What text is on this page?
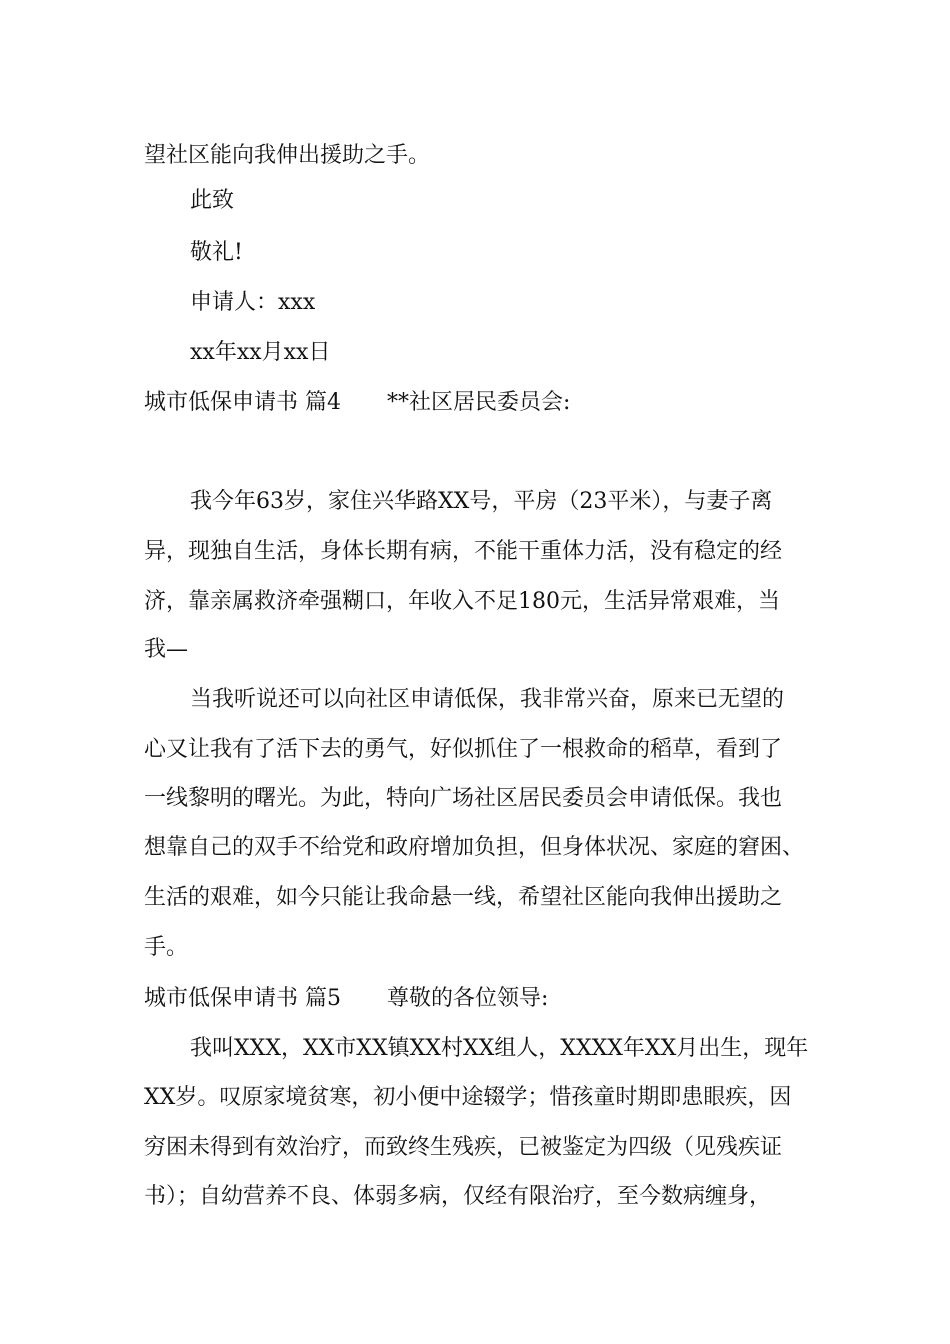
望社区能向我伸出援助之手。
此致
敬礼!
申请人：xxx
xx年xx月xx日
城市低保申请书 篇4 **社区居民委员会:
我今年63岁，家住兴华路XX号，平房（23平米），与妻子离
异，现独自生活，身体长期有病，不能干重体力活，没有稳定的经
济，靠亲属救济牵强糊口，年收入不足180元，生活异常艰难，当
我—
当我听说还可以向社区申请低保，我非常兴奋，原来已无望的
心又让我有了活下去的勇气，好似抓住了一根救命的稻草，看到了
一线黎明的曙光。为此，特向广场社区居民委员会申请低保。我也
想靠自己的双手不给党和政府增加负担，但身体状况、家庭的窘困、
生活的艰难，如今只能让我命悬一线，希望社区能向我伸出援助之
手。
城市低保申请书 篇5 尊敬的各位领导:
我叫XXX，XX市XX镇XX村XX组人，XXXX年XX月出生，现年
XX岁。叹原家境贫寒，初小便中途辍学；惜孩童时期即患眼疾，因
穷困未得到有效治疗，而致终生残疾，已被鉴定为四级（见残疾证
书）；自幼营养不良、体弱多病，仅经有限治疗，至今数病缠身，
